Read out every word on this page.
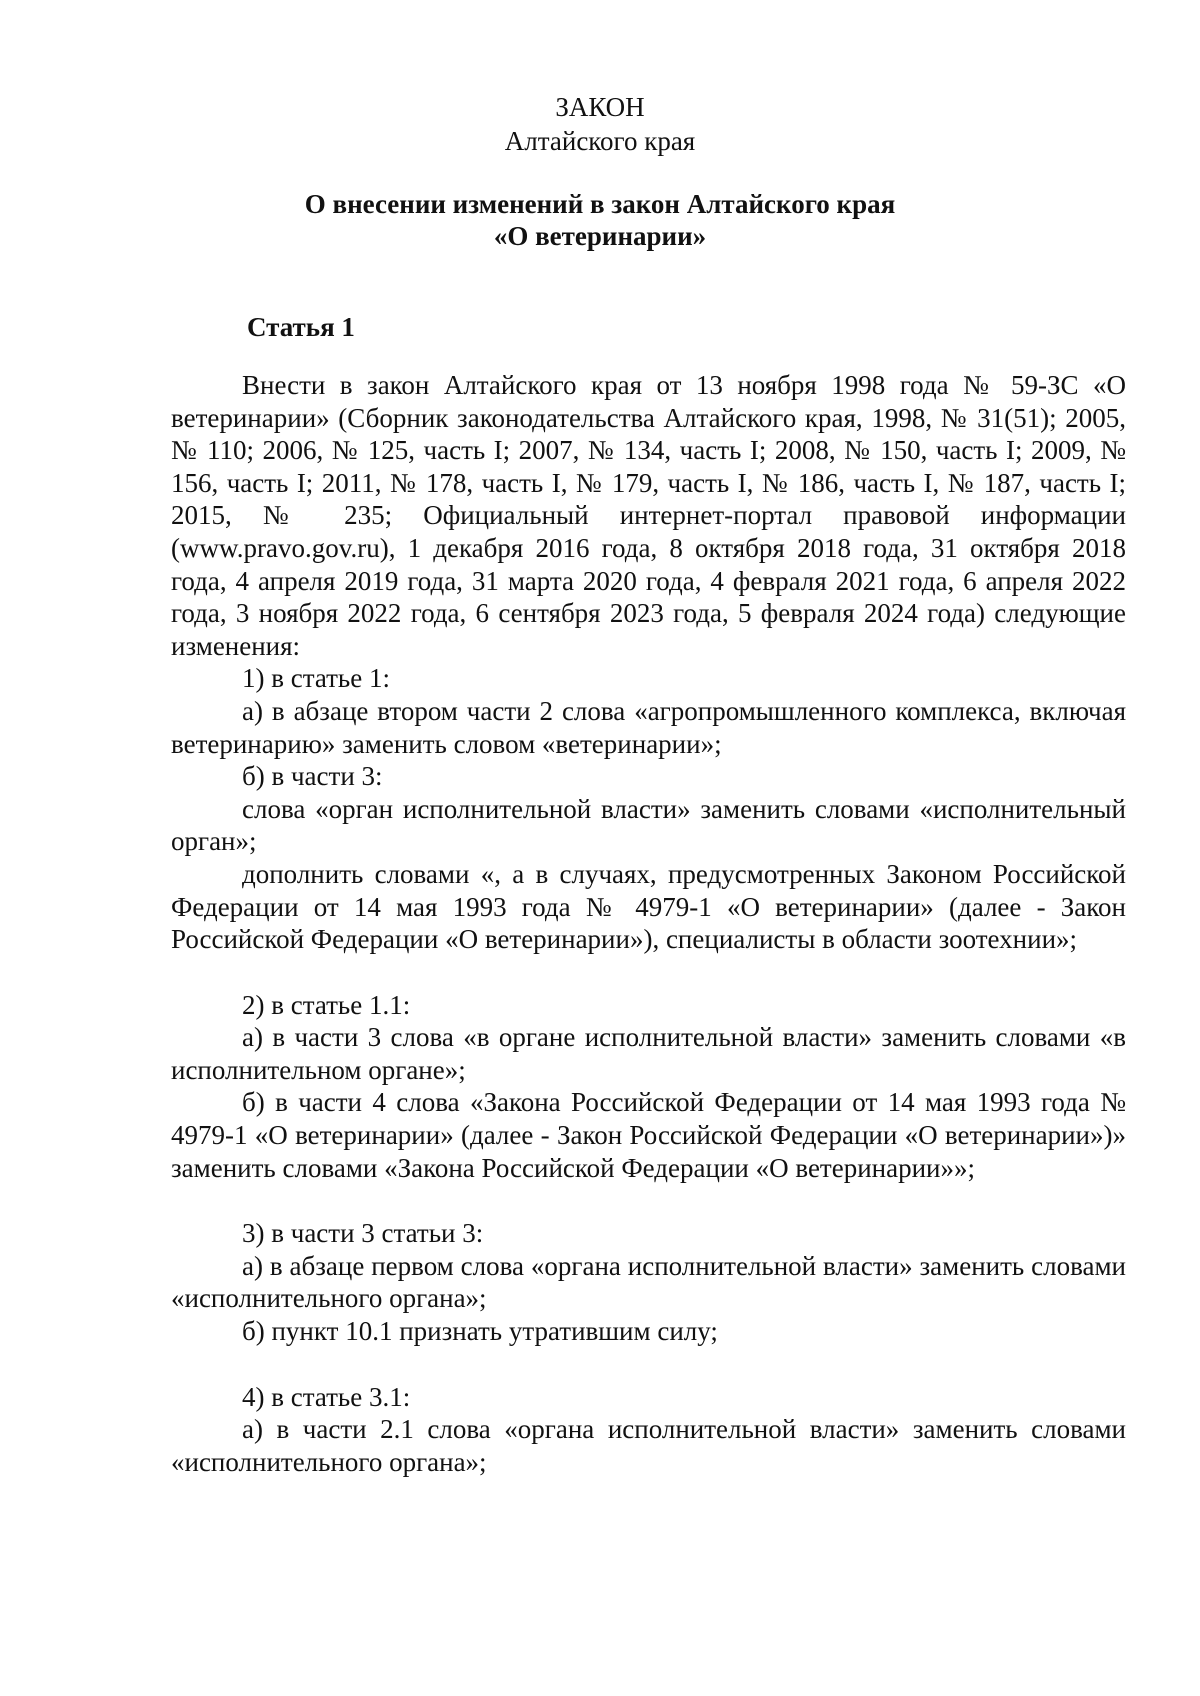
ЗАКОН
Алтайского края
О внесении изменений в закон Алтайского края
«О ветеринарии»
Статья 1

Внести в закон Алтайского края от 13 ноября 1998 года № 59-ЗС «О ветеринарии» (Сборник законодательства Алтайского края, 1998, № 31(51); 2005, № 110; 2006, № 125, часть I; 2007, № 134, часть I; 2008, № 150, часть I; 2009, № 156, часть I; 2011, № 178, часть I, № 179, часть I, № 186, часть I, № 187, часть I; 2015, № 235; Официальный интернет-портал правовой информации (www.pravo.gov.ru), 1 декабря 2016 года, 8 октября 2018 года, 31 октября 2018 года, 4 апреля 2019 года, 31 марта 2020 года, 4 февраля 2021 года, 6 апреля 2022 года, 3 ноября 2022 года, 6 сентября 2023 года, 5 февраля 2024 года) следующие изменения:

1) в статье 1:

а) в абзаце втором части 2 слова «агропромышленного комплекса, включая ветеринарию» заменить словом «ветеринарии»;

б) в части 3:

слова «орган исполнительной власти» заменить словами «исполнительный орган»;

дополнить словами «, а в случаях, предусмотренных Законом Российской Федерации от 14 мая 1993 года № 4979-1 «О ветеринарии» (далее - Закон Российской Федерации «О ветеринарии»), специалисты в области зоотехнии»;

2) в статье 1.1:

а) в части 3 слова «в органе исполнительной власти» заменить словами «в исполнительном органе»;

б) в части 4 слова «Закона Российской Федерации от 14 мая 1993 года № 4979-1 «О ветеринарии» (далее - Закон Российской Федерации «О ветеринарии»)» заменить словами «Закона Российской Федерации «О ветеринарии»»;

3) в части 3 статьи 3:

а) в абзаце первом слова «органа исполнительной власти» заменить словами «исполнительного органа»;

б) пункт 10.1 признать утратившим силу;

4) в статье 3.1:

а) в части 2.1 слова «органа исполнительной власти» заменить словами «исполнительного органа»;
